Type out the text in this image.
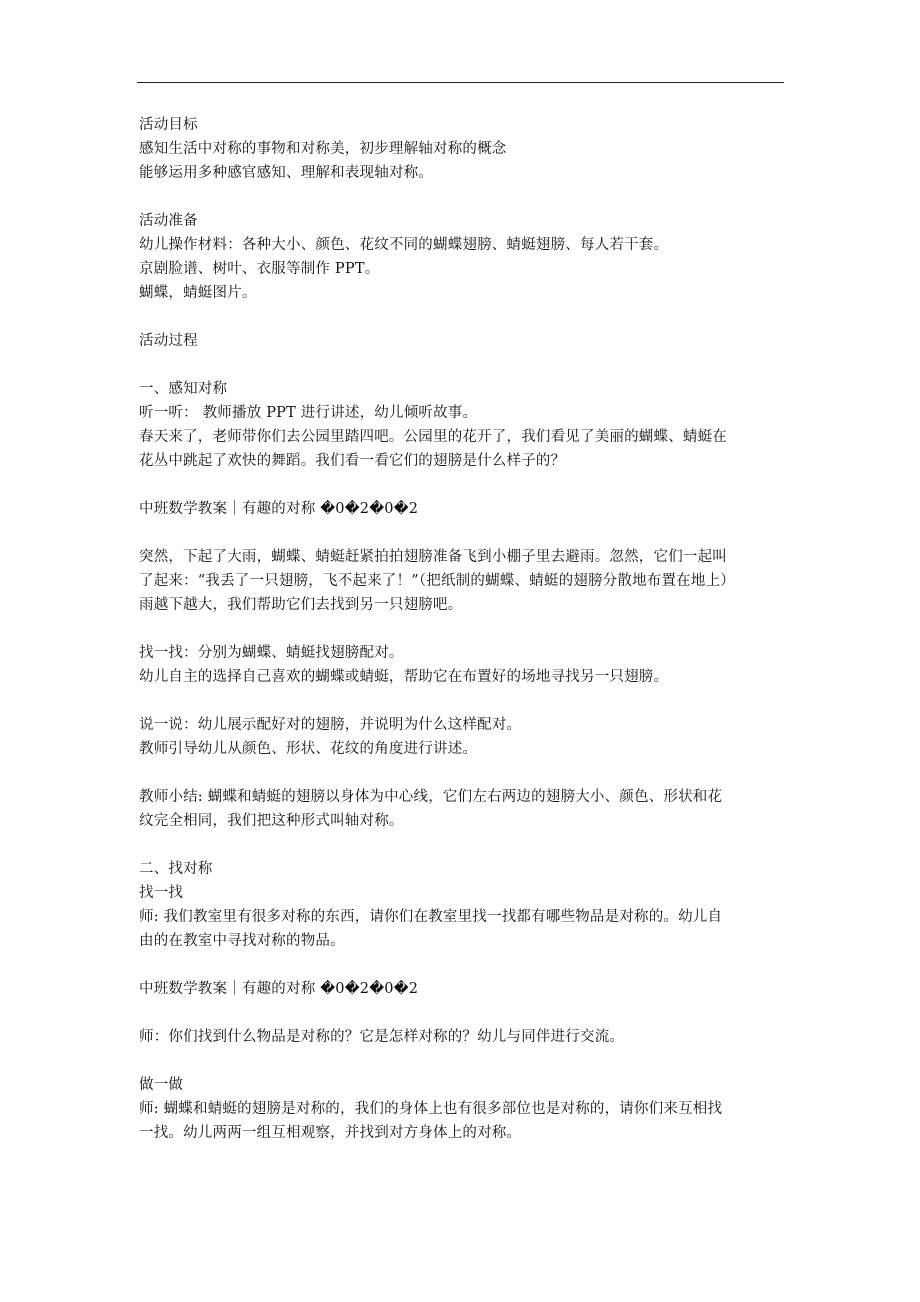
活动目标
感知生活中对称的事物和对称美，初步理解轴对称的概念
能够运用多种感官感知、理解和表现轴对称。
活动准备
幼儿操作材料：各种大小、颜色、花纹不同的蝴蝶翅膀、蜻蜓翅膀、每人若干套。
京剧脸谱、树叶、衣服等制作 PPT。
蝴蝶，蜻蜓图片。
活动过程
一、感知对称
听一听： 教师播放 PPT 进行讲述，幼儿倾听故事。
春天来了，老师带你们去公园里踏四吧。公园里的花开了，我们看见了美丽的蝴蝶、蜻蜓在
花丛中跳起了欢快的舞蹈。我们看一看它们的翅膀是什么样子的？
中班数学教案｜有趣的对称 �0�2�0�2
突然，下起了大雨，蝴蝶、蜻蜓赶紧拍拍翅膀准备飞到小棚子里去避雨。忽然，它们一起叫
了起来：“我丢了一只翅膀，飞不起来了！”（把纸制的蝴蝶、蜻蜓的翅膀分散地布置在地上）
雨越下越大，我们帮助它们去找到另一只翅膀吧。
找一找：分别为蝴蝶、蜻蜓找翅膀配对。
幼儿自主的选择自己喜欢的蝴蝶或蜻蜓，帮助它在布置好的场地寻找另一只翅膀。
说一说：幼儿展示配好对的翅膀，并说明为什么这样配对。
教师引导幼儿从颜色、形状、花纹的角度进行讲述。
教师小结: 蝴蝶和蜻蜓的翅膀以身体为中心线，它们左右两边的翅膀大小、颜色、形状和花
纹完全相同，我们把这种形式叫轴对称。
二、找对称
找一找
师: 我们教室里有很多对称的东西，请你们在教室里找一找都有哪些物品是对称的。幼儿自
由的在教室中寻找对称的物品。
中班数学教案｜有趣的对称 �0�2�0�2
师：你们找到什么物品是对称的？它是怎样对称的？幼儿与同伴进行交流。
做一做
师: 蝴蝶和蜻蜓的翅膀是对称的，我们的身体上也有很多部位也是对称的，请你们来互相找
一找。幼儿两两一组互相观察，并找到对方身体上的对称。
